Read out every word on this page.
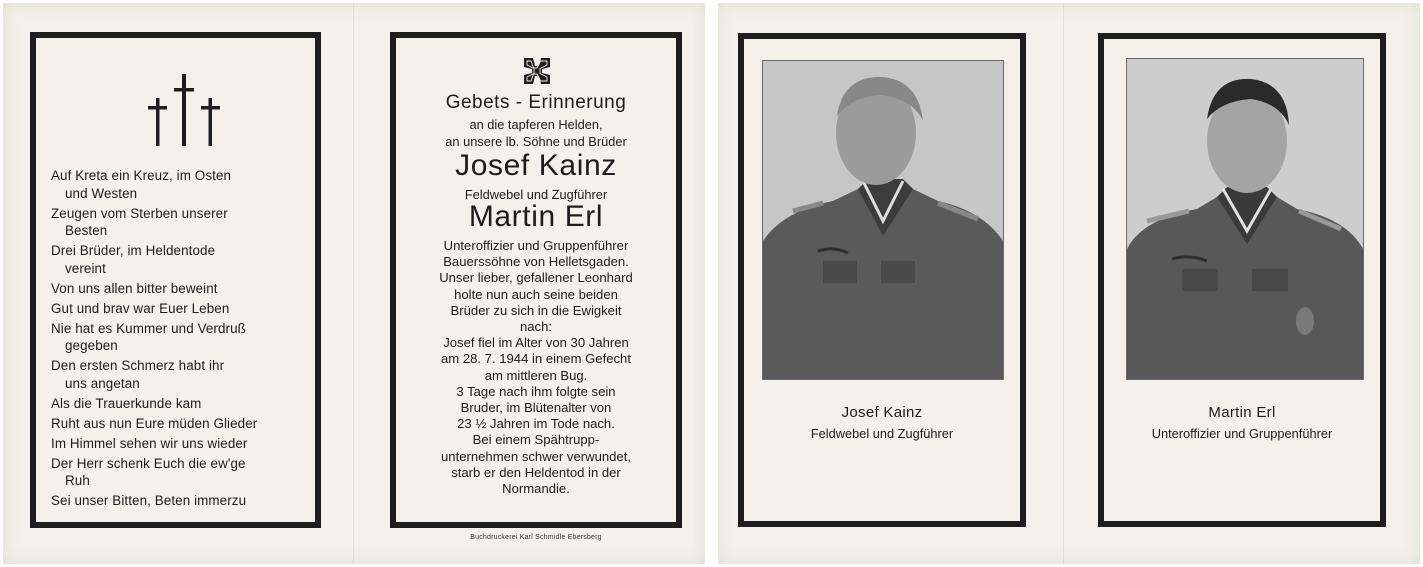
Auf Kreta ein Kreuz, im Osten
und Westen
Zeugen vom Sterben unserer
Besten
Drei Brüder, im Heldentode
vereint
Von uns allen bitter beweint
Gut und brav war Euer Leben
Nie hat es Kummer und Verdruß
gegeben
Den ersten Schmerz habt ihr
uns angetan
Als die Trauerkunde kam
Ruht aus nun Eure müden Glieder
Im Himmel sehen wir uns wieder
Der Herr schenk Euch die ew'ge
Ruh
Sei unser Bitten, Beten immerzu
Gebets - Erinnerung
an die tapferen Helden,
an unsere lb. Söhne und Brüder
Josef Kainz
Feldwebel und Zugführer
Martin Erl
Unteroffizier und Gruppenführer
Bauerssöhne von Helletsgaden.
Unser lieber, gefallener Leonhard
holte nun auch seine beiden
Brüder zu sich in die Ewigkeit
nach:
Josef fiel im Alter von 30 Jahren
am 28. 7. 1944 in einem Gefecht
am mittleren Bug.
3 Tage nach ihm folgte sein
Bruder, im Blütenalter von
23 ½ Jahren im Tode nach.
Bei einem Spähtrupp-
unternehmen schwer verwundet,
starb er den Heldentod in der
Normandie.
Buchdruckerei Karl Schmidle Ebersberg
Josef Kainz
Feldwebel und Zugführer
Martin Erl
Unteroffizier und Gruppenführer
